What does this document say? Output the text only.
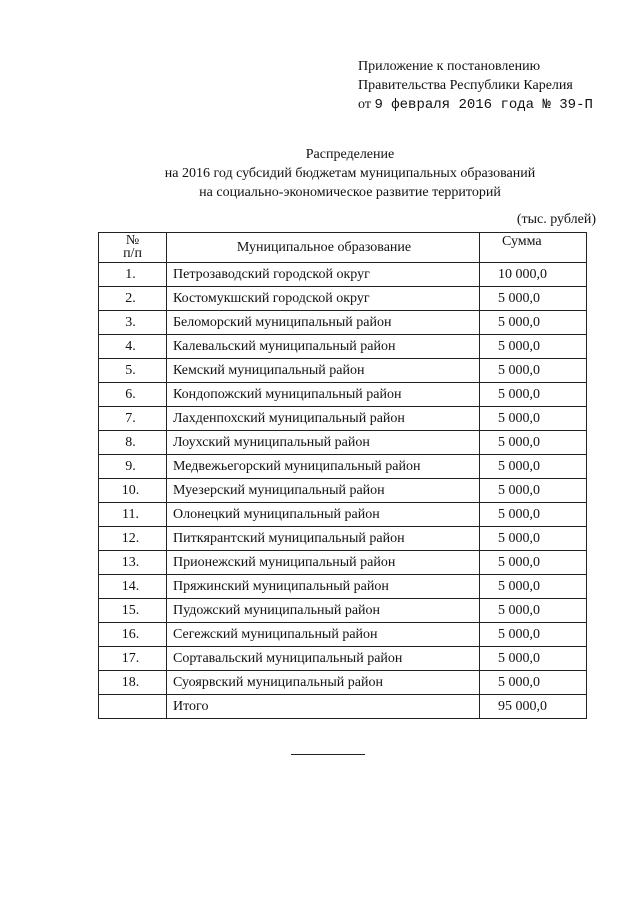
Приложение к постановлению
Правительства Республики Карелия
от 9 февраля 2016 года № 39-П
Распределение
на 2016 год субсидий бюджетам муниципальных образований
на социально-экономическое развитие территорий
(тыс. рублей)
№
п/п	Муниципальное образование	Сумма
1.	Петрозаводский городской округ	10 000,0
2.	Костомукшский городской округ	5 000,0
3.	Беломорский муниципальный район	5 000,0
4.	Калевальский муниципальный район	5 000,0
5.	Кемский муниципальный район	5 000,0
6.	Кондопожский муниципальный район	5 000,0
7.	Лахденпохский муниципальный район	5 000,0
8.	Лоухский муниципальный район	5 000,0
9.	Медвежьегорский муниципальный район	5 000,0
10.	Муезерский муниципальный район	5 000,0
11.	Олонецкий муниципальный район	5 000,0
12.	Питкярантский муниципальный район	5 000,0
13.	Прионежский муниципальный район	5 000,0
14.	Пряжинский муниципальный район	5 000,0
15.	Пудожский муниципальный район	5 000,0
16.	Сегежский муниципальный район	5 000,0
17.	Сортавальский муниципальный район	5 000,0
18.	Суоярвский муниципальный район	5 000,0
	Итого	95 000,0
